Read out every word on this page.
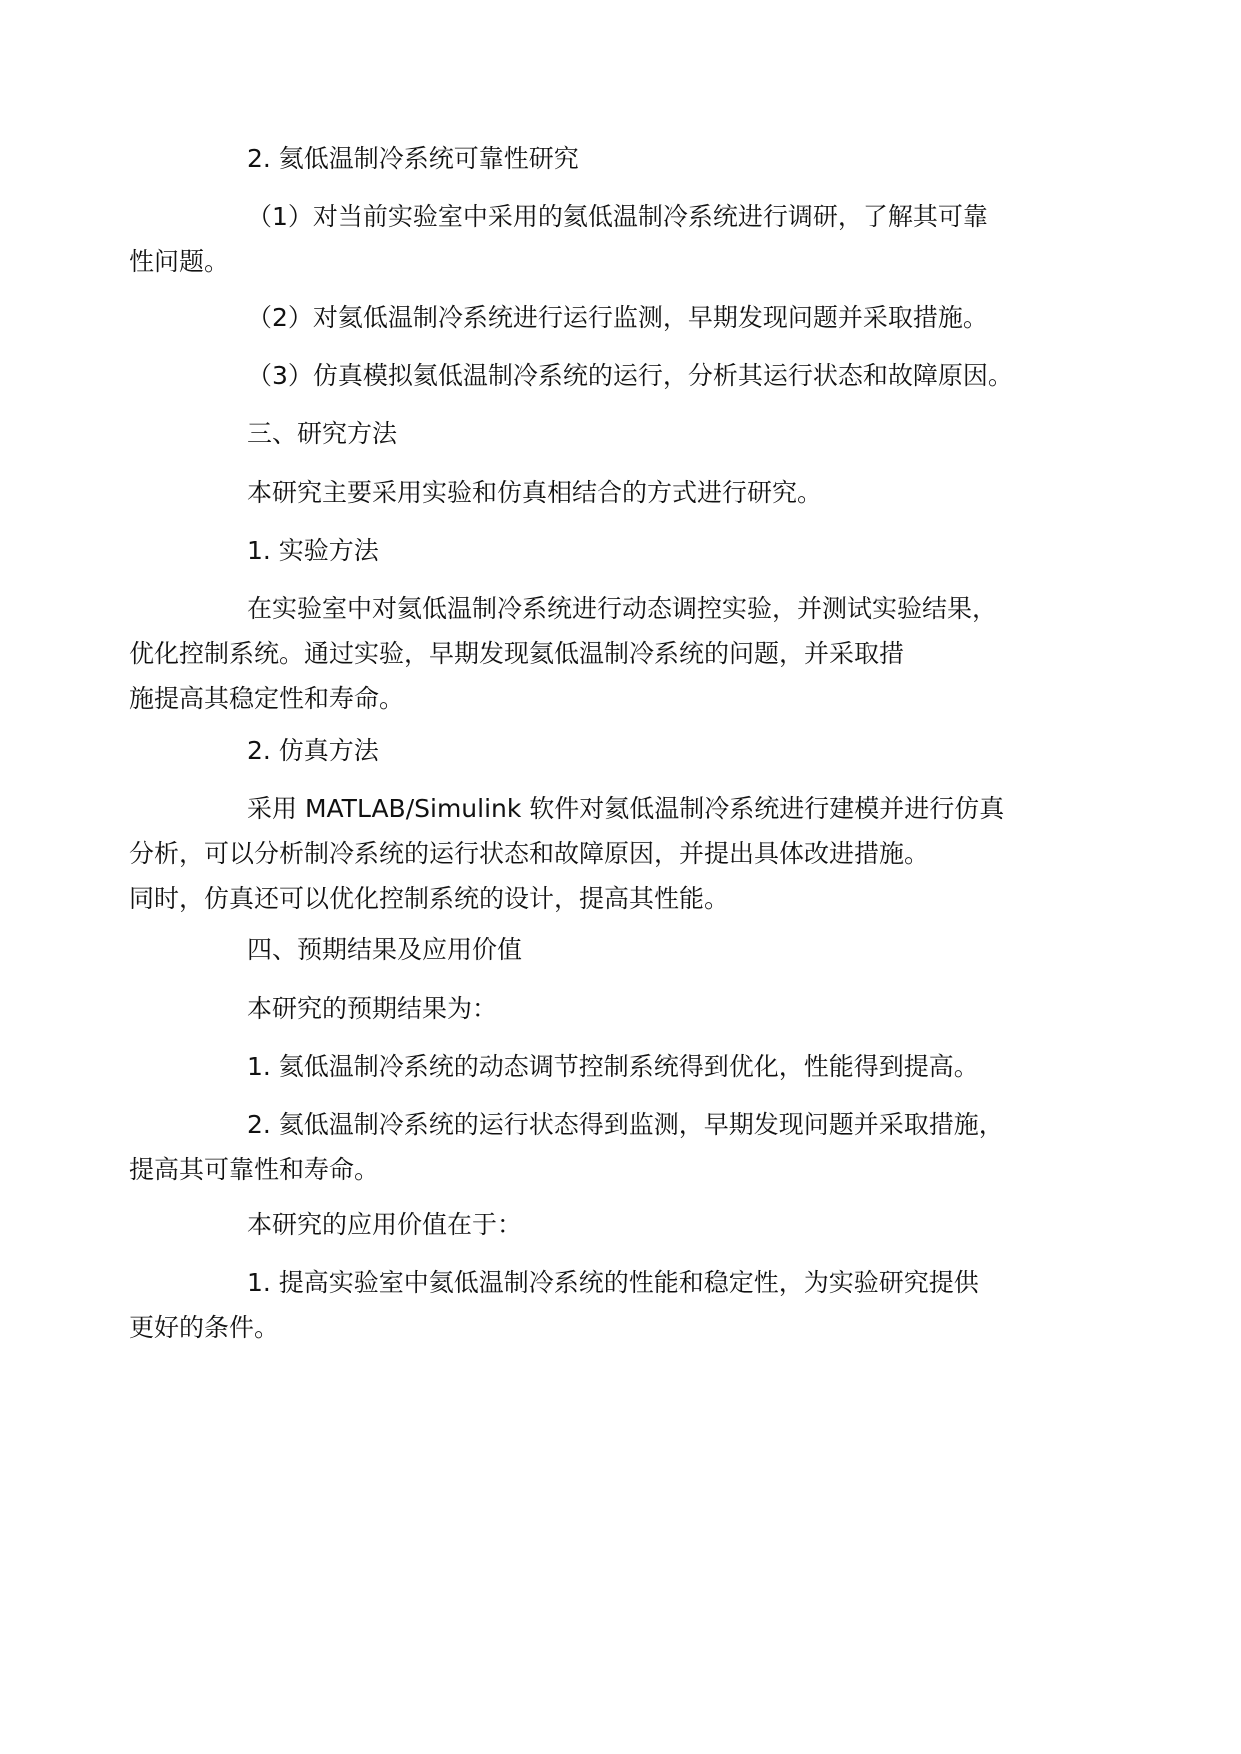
2. 氦低温制冷系统可靠性研究

（1）对当前实验室中采用的氦低温制冷系统进行调研，了解其可靠
性问题。

（2）对氦低温制冷系统进行运行监测，早期发现问题并采取措施。

（3）仿真模拟氦低温制冷系统的运行，分析其运行状态和故障原因。

三、研究方法

本研究主要采用实验和仿真相结合的方式进行研究。

1. 实验方法

在实验室中对氦低温制冷系统进行动态调控实验，并测试实验结果，
优化控制系统。通过实验，早期发现氦低温制冷系统的问题，并采取措
施提高其稳定性和寿命。

2. 仿真方法

采用 MATLAB/Simulink 软件对氦低温制冷系统进行建模并进行仿真
分析，可以分析制冷系统的运行状态和故障原因，并提出具体改进措施。
同时，仿真还可以优化控制系统的设计，提高其性能。

四、预期结果及应用价值

本研究的预期结果为：

1. 氦低温制冷系统的动态调节控制系统得到优化，性能得到提高。

2. 氦低温制冷系统的运行状态得到监测，早期发现问题并采取措施，
提高其可靠性和寿命。

本研究的应用价值在于：

1. 提高实验室中氦低温制冷系统的性能和稳定性，为实验研究提供
更好的条件。
